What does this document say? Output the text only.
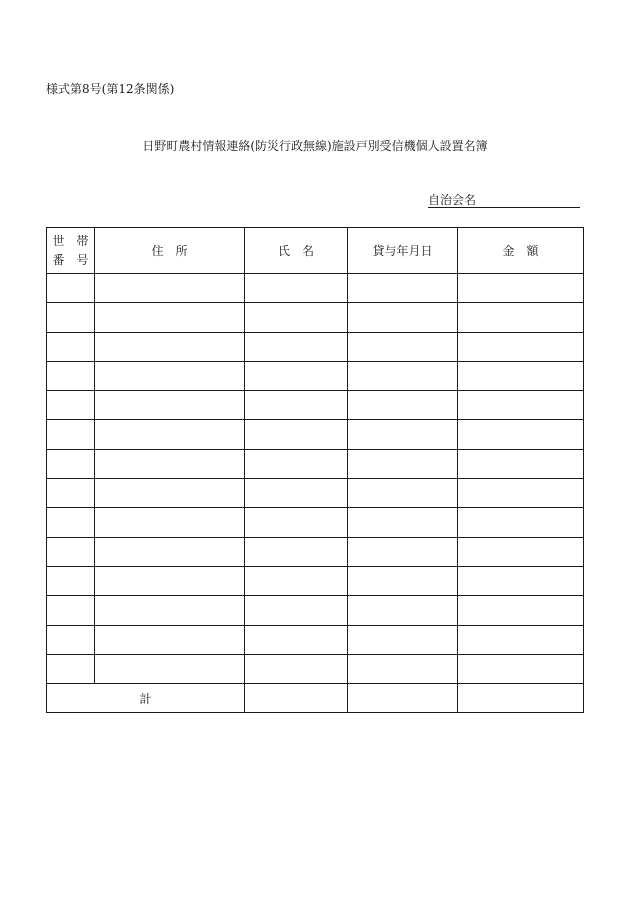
様式第8号(第12条関係)
日野町農村情報連絡(防災行政無線)施設戸別受信機個人設置名簿
自治会名
世　帯
番　号	住　所	氏　名	貸与年月日	金　額

計				
